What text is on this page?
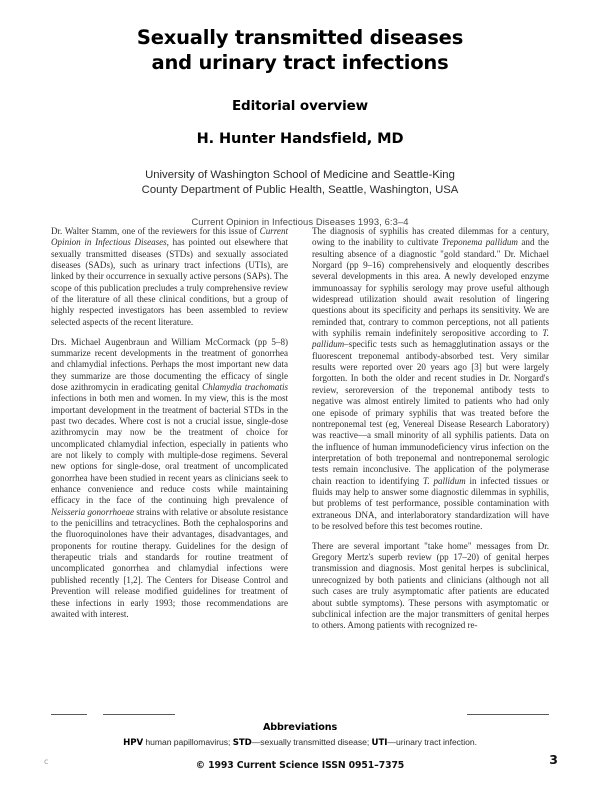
Sexually transmitted diseases
and urinary tract infections
Editorial overview
H. Hunter Handsfield, MD
University of Washington School of Medicine and Seattle-King
County Department of Public Health, Seattle, Washington, USA
Current Opinion in Infectious Diseases 1993, 6:3–4

Dr. Walter Stamm, one of the reviewers for this issue of Current Opinion in Infectious Diseases, has pointed out elsewhere that sexually transmitted diseases (STDs) and sexually associated diseases (SADs), such as urinary tract infections (UTIs), are linked by their occurrence in sexually active persons (SAPs). The scope of this publication precludes a truly comprehensive review of the literature of all these clinical conditions, but a group of highly respected investigators has been assembled to review selected aspects of the recent literature.

Drs. Michael Augenbraun and William McCormack (pp 5–8) summarize recent developments in the treatment of gonorrhea and chlamydial infections. Perhaps the most important new data they summarize are those documenting the efficacy of single dose azithromycin in eradicating genital Chlamydia trachomatis infections in both men and women. In my view, this is the most important development in the treatment of bacterial STDs in the past two decades. Where cost is not a crucial issue, single-dose azithromycin may now be the treatment of choice for uncomplicated chlamydial infection, especially in patients who are not likely to comply with multiple-dose regimens. Several new options for single-dose, oral treatment of uncomplicated gonorrhea have been studied in recent years as clinicians seek to enhance convenience and reduce costs while maintaining efficacy in the face of the continuing high prevalence of Neisseria gonorrhoeae strains with relative or absolute resistance to the penicillins and tetracyclines. Both the cephalosporins and the fluoroquinolones have their advantages, disadvantages, and proponents for routine therapy. Guidelines for the design of therapeutic trials and standards for routine treatment of uncomplicated gonorrhea and chlamydial infections were published recently [1,2]. The Centers for Disease Control and Prevention will release modified guidelines for treatment of these infections in early 1993; those recommendations are awaited with interest.

The diagnosis of syphilis has created dilemmas for a century, owing to the inability to cultivate Treponema pallidum and the resulting absence of a diagnostic "gold standard." Dr. Michael Norgard (pp 9–16) comprehensively and eloquently describes several developments in this area. A newly developed enzyme immunoassay for syphilis serology may prove useful although widespread utilization should await resolution of lingering questions about its specificity and perhaps its sensitivity. We are reminded that, contrary to common perceptions, not all patients with syphilis remain indefinitely seropositive according to T. pallidum–specific tests such as hemagglutination assays or the fluorescent treponemal antibody-absorbed test. Very similar results were reported over 20 years ago [3] but were largely forgotten. In both the older and recent studies in Dr. Norgard's review, seroreversion of the treponemal antibody tests to negative was almost entirely limited to patients who had only one episode of primary syphilis that was treated before the nontreponemal test (eg, Venereal Disease Research Laboratory) was reactive—a small minority of all syphilis patients. Data on the influence of human immunodeficiency virus infection on the interpretation of both treponemal and nontreponemal serologic tests remain inconclusive. The application of the polymerase chain reaction to identifying T. pallidum in infected tissues or fluids may help to answer some diagnostic dilemmas in syphilis, but problems of test performance, possible contamination with extraneous DNA, and interlaboratory standardization will have to be resolved before this test becomes routine.

There are several important "take home" messages from Dr. Gregory Mertz's superb review (pp 17–20) of genital herpes transmission and diagnosis. Most genital herpes is subclinical, unrecognized by both patients and clinicians (although not all such cases are truly asymptomatic after patients are educated about subtle symptoms). These persons with asymptomatic or subclinical infection are the major transmitters of genital herpes to others. Among patients with recognized re-

Abbreviations
HPV human papillomavirus; STD—sexually transmitted disease; UTI—urinary tract infection.
© 1993 Current Science ISSN 0951–7375
c	3
